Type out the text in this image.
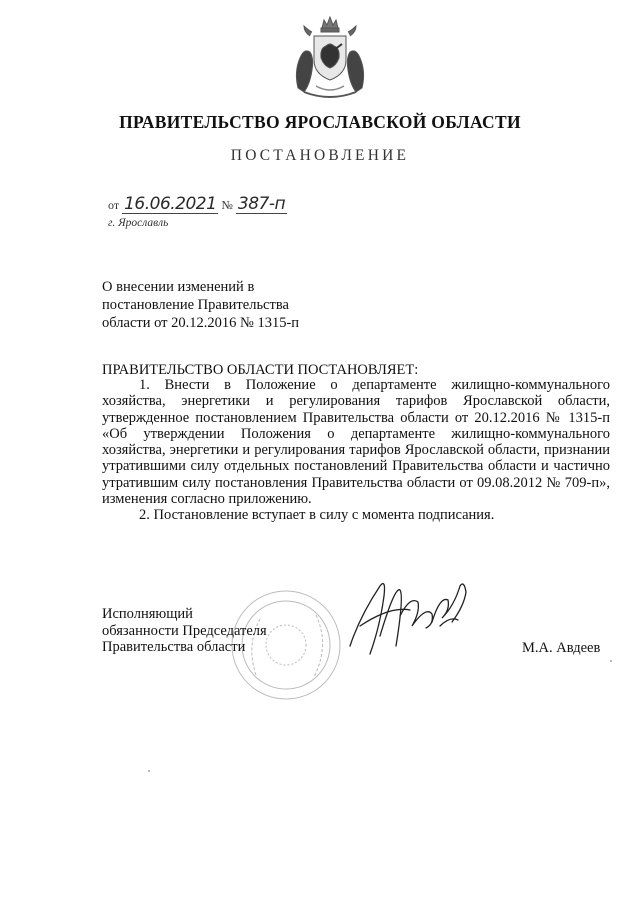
ПРАВИТЕЛЬСТВО ЯРОСЛАВСКОЙ ОБЛАСТИ
ПОСТАНОВЛЕНИЕ
от 16.06.2021 № 387-п
г. Ярославль
О внесении изменений в
постановление Правительства
области от 20.12.2016 № 1315-п
ПРАВИТЕЛЬСТВО ОБЛАСТИ ПОСТАНОВЛЯЕТ:

1. Внести в Положение о департаменте жилищно-коммунального хозяйства, энергетики и регулирования тарифов Ярославской области, утвержденное постановлением Правительства области от 20.12.2016 № 1315-п «Об утверждении Положения о департаменте жилищно-коммунального хозяйства, энергетики и регулирования тарифов Ярославской области, признании утратившими силу отдельных постановлений Правительства области и частично утратившим силу постановления Правительства области от 09.08.2012 № 709-п», изменения согласно приложению.

2. Постановление вступает в силу с момента подписания.

Исполняющий
обязанности Председателя
Правительства области	М.А. Авдеев
